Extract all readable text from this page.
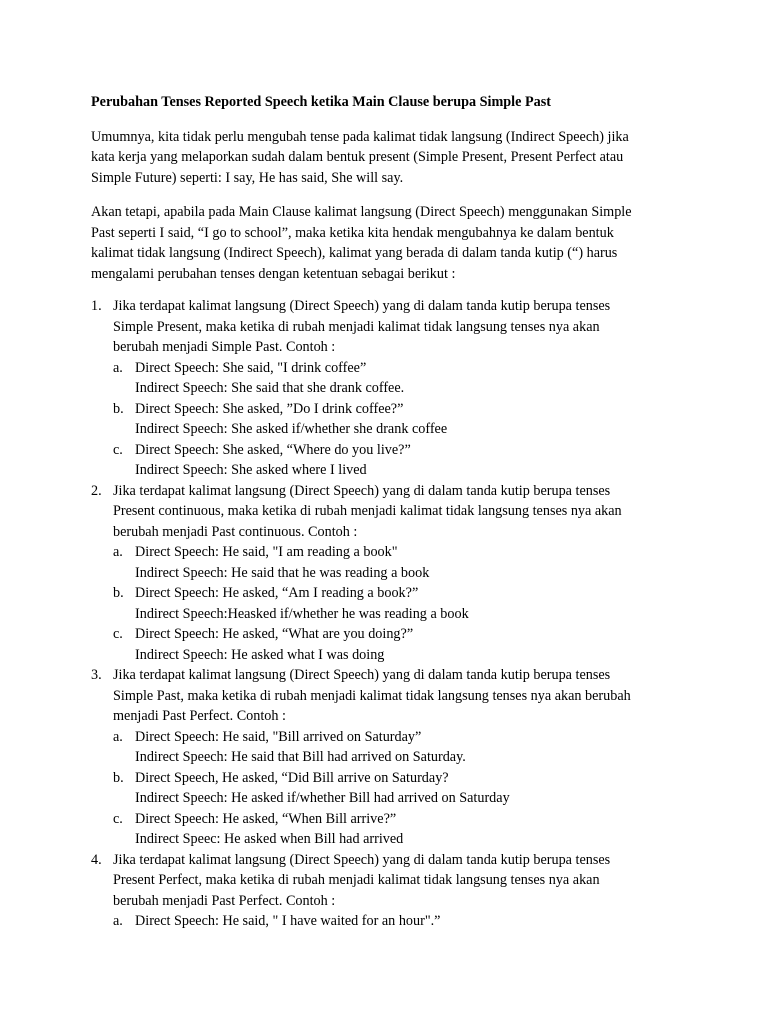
Perubahan Tenses Reported Speech ketika Main Clause berupa Simple Past

Umumnya, kita tidak perlu mengubah tense pada kalimat tidak langsung (Indirect Speech) jika
kata kerja yang melaporkan sudah dalam bentuk present (Simple Present, Present Perfect atau
Simple Future) seperti: I say, He has said, She will say.

Akan tetapi, apabila pada Main Clause kalimat langsung (Direct Speech) menggunakan Simple
Past seperti I said, “I go to school”, maka ketika kita hendak mengubahnya ke dalam bentuk
kalimat tidak langsung (Indirect Speech), kalimat yang berada di dalam tanda kutip (“) harus
mengalami perubahan tenses dengan ketentuan sebagai berikut :

1. Jika terdapat kalimat langsung (Direct Speech) yang di dalam tanda kutip berupa tenses
Simple Present, maka ketika di rubah menjadi kalimat tidak langsung tenses nya akan
berubah menjadi Simple Past. Contoh :
a. Direct Speech: She said, "I drink coffee”
Indirect Speech: She said that she drank coffee.
b. Direct Speech: She asked, ”Do I drink coffee?”
Indirect Speech: She asked if/whether she drank coffee
c. Direct Speech: She asked, “Where do you live?”
Indirect Speech: She asked where I lived
2. Jika terdapat kalimat langsung (Direct Speech) yang di dalam tanda kutip berupa tenses
Present continuous, maka ketika di rubah menjadi kalimat tidak langsung tenses nya akan
berubah menjadi Past continuous. Contoh :
a. Direct Speech: He said, "I am reading a book"
Indirect Speech: He said that he was reading a book
b. Direct Speech: He asked, “Am I reading a book?”
Indirect Speech:Heasked if/whether he was reading a book
c. Direct Speech: He asked, “What are you doing?”
Indirect Speech: He asked what I was doing
3. Jika terdapat kalimat langsung (Direct Speech) yang di dalam tanda kutip berupa tenses
Simple Past, maka ketika di rubah menjadi kalimat tidak langsung tenses nya akan berubah
menjadi Past Perfect. Contoh :
a. Direct Speech: He said, "Bill arrived on Saturday”
Indirect Speech: He said that Bill had arrived on Saturday.
b. Direct Speech, He asked, “Did Bill arrive on Saturday?
Indirect Speech: He asked if/whether Bill had arrived on Saturday
c. Direct Speech: He asked, “When Bill arrive?”
Indirect Speec: He asked when Bill had arrived
4. Jika terdapat kalimat langsung (Direct Speech) yang di dalam tanda kutip berupa tenses
Present Perfect, maka ketika di rubah menjadi kalimat tidak langsung tenses nya akan
berubah menjadi Past Perfect. Contoh :
a. Direct Speech: He said, " I have waited for an hour".”
